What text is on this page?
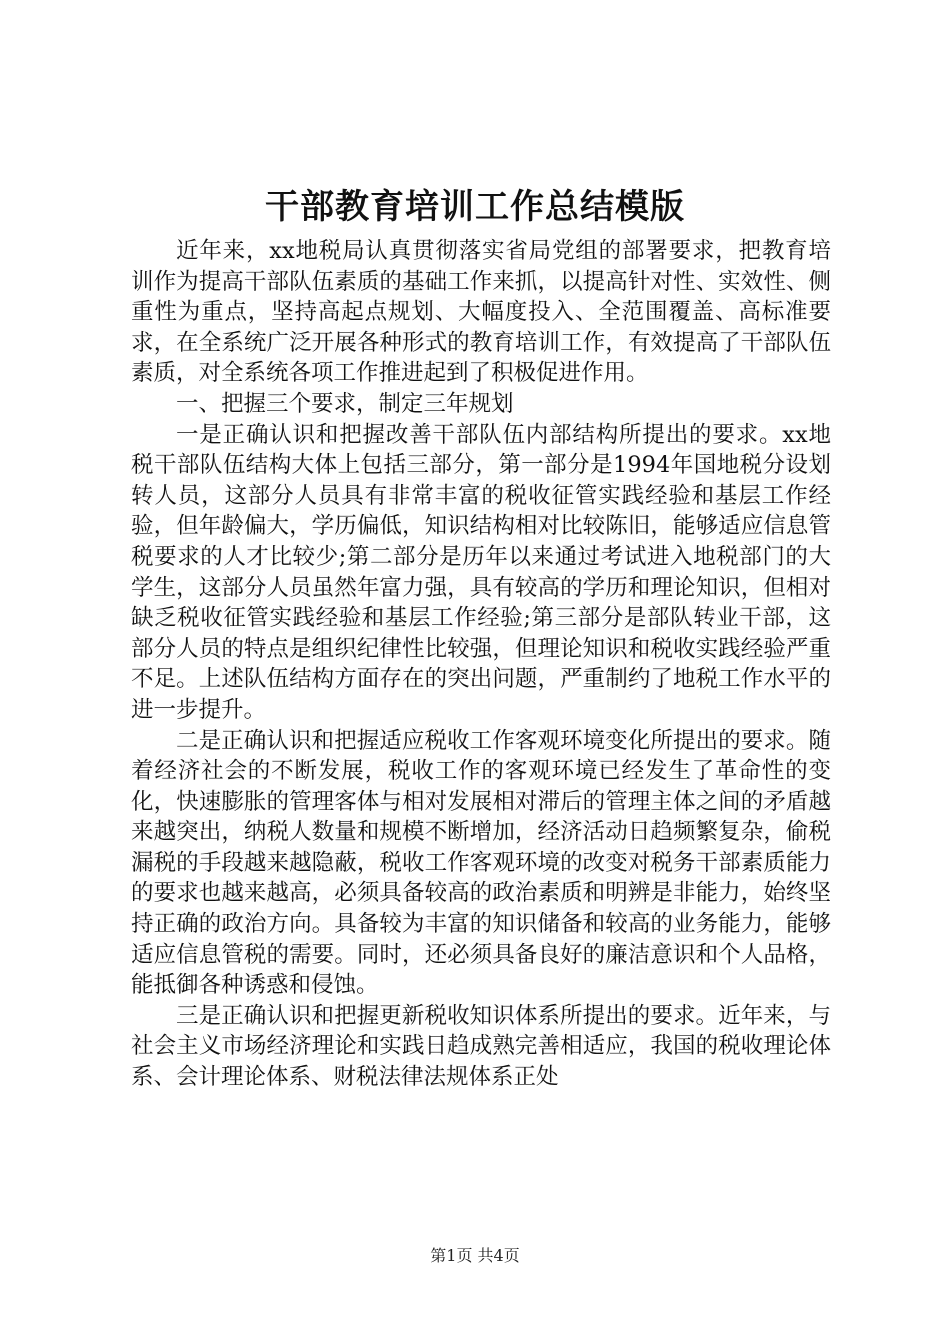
干部教育培训工作总结模版

近年来，xx地税局认真贯彻落实省局党组的部署要求，把教育培训作为提高干部队伍素质的基础工作来抓，以提高针对性、实效性、侧重性为重点，坚持高起点规划、大幅度投入、全范围覆盖、高标准要求，在全系统广泛开展各种形式的教育培训工作，有效提高了干部队伍素质，对全系统各项工作推进起到了积极促进作用。

一、把握三个要求，制定三年规划

一是正确认识和把握改善干部队伍内部结构所提出的要求。xx地税干部队伍结构大体上包括三部分，第一部分是1994年国地税分设划转人员，这部分人员具有非常丰富的税收征管实践经验和基层工作经验，但年龄偏大，学历偏低，知识结构相对比较陈旧，能够适应信息管税要求的人才比较少;第二部分是历年以来通过考试进入地税部门的大学生，这部分人员虽然年富力强，具有较高的学历和理论知识，但相对缺乏税收征管实践经验和基层工作经验;第三部分是部队转业干部，这部分人员的特点是组织纪律性比较强，但理论知识和税收实践经验严重不足。上述队伍结构方面存在的突出问题，严重制约了地税工作水平的进一步提升。

二是正确认识和把握适应税收工作客观环境变化所提出的要求。随着经济社会的不断发展，税收工作的客观环境已经发生了革命性的变化，快速膨胀的管理客体与相对发展相对滞后的管理主体之间的矛盾越来越突出，纳税人数量和规模不断增加，经济活动日趋频繁复杂，偷税漏税的手段越来越隐蔽，税收工作客观环境的改变对税务干部素质能力的要求也越来越高，必须具备较高的政治素质和明辨是非能力，始终坚持正确的政治方向。具备较为丰富的知识储备和较高的业务能力，能够适应信息管税的需要。同时，还必须具备良好的廉洁意识和个人品格，能抵御各种诱惑和侵蚀。

三是正确认识和把握更新税收知识体系所提出的要求。近年来，与社会主义市场经济理论和实践日趋成熟完善相适应，我国的税收理论体系、会计理论体系、财税法律法规体系正处

第1页 共4页
